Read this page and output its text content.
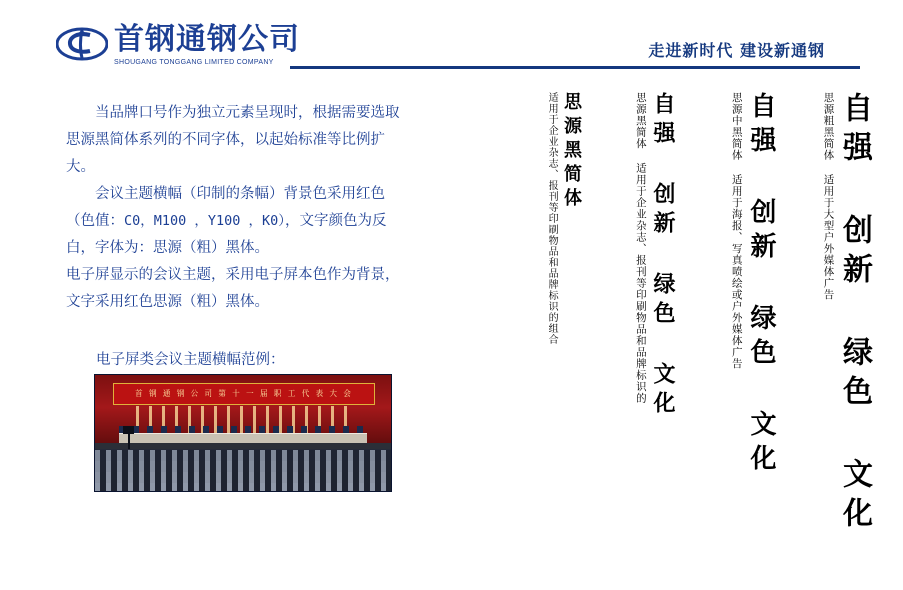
首钢通钢公司
SHOUGANG TONGGANG LIMITED COMPANY
走进新时代 建设新通钢

当品牌口号作为独立元素呈现时，根据需要选取思源黑简体系列的不同字体，以起始标准等比例扩大。

会议主题横幅（印制的条幅）背景色采用红色（色值：C0，M100 ，Y100 ，K0），文字颜色为反白，字体为：思源（粗）黑体。

电子屏显示的会议主题，采用电子屏本色作为背景，文字采用红色思源（粗）黑体。

电子屏类会议主题横幅范例：
首 钢 通 钢 公 司 第 十 一 届 职 工 代 表 大 会	自强 创新 绿色 文化
思源粗黑简体 适用于大型户外媒体广告
自强 创新 绿色 文化
思源中黑简体 适用于海报、写真喷绘或户外媒体广告
自强 创新 绿色 文化
思源黑简体 适用于企业杂志、报刊等印刷物品和品牌标识的
思源黑简体
适用于企业杂志、报刊等印刷物品和品牌标识的组合
